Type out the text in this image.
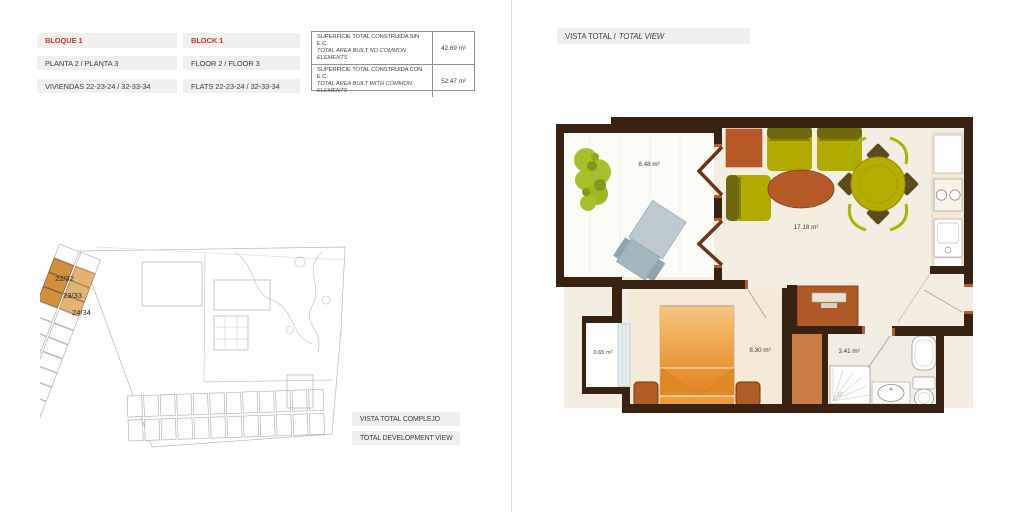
BLOQUE 1
PLANTA 2 / PLANTA 3
VIVIENDAS 22-23-24 / 32-33-34
BLOCK 1
FLOOR 2 / FLOOR 3
FLATS 22-23-24 / 32-33-34
SUPERFICIE TOTAL CONSTRUIDA SIN E.C.
TOTAL AREA BUILT NO COMMON ELEMENTS
42.69 m²
SUPERFICIE TOTAL CONSTRUIDA CON E.C.
TOTAL AREA BUILT WITH COMMON ELEMENTS
52.47 m²
22/32
23/33
24/34
VISTA TOTAL COMPLEJO
TOTAL DEVELOPMENT VIEW
VISTA TOTAL / TOTAL VIEW
8.48 m²
17.18 m²
0.65 m²	8.30 m²	3.41 m²
